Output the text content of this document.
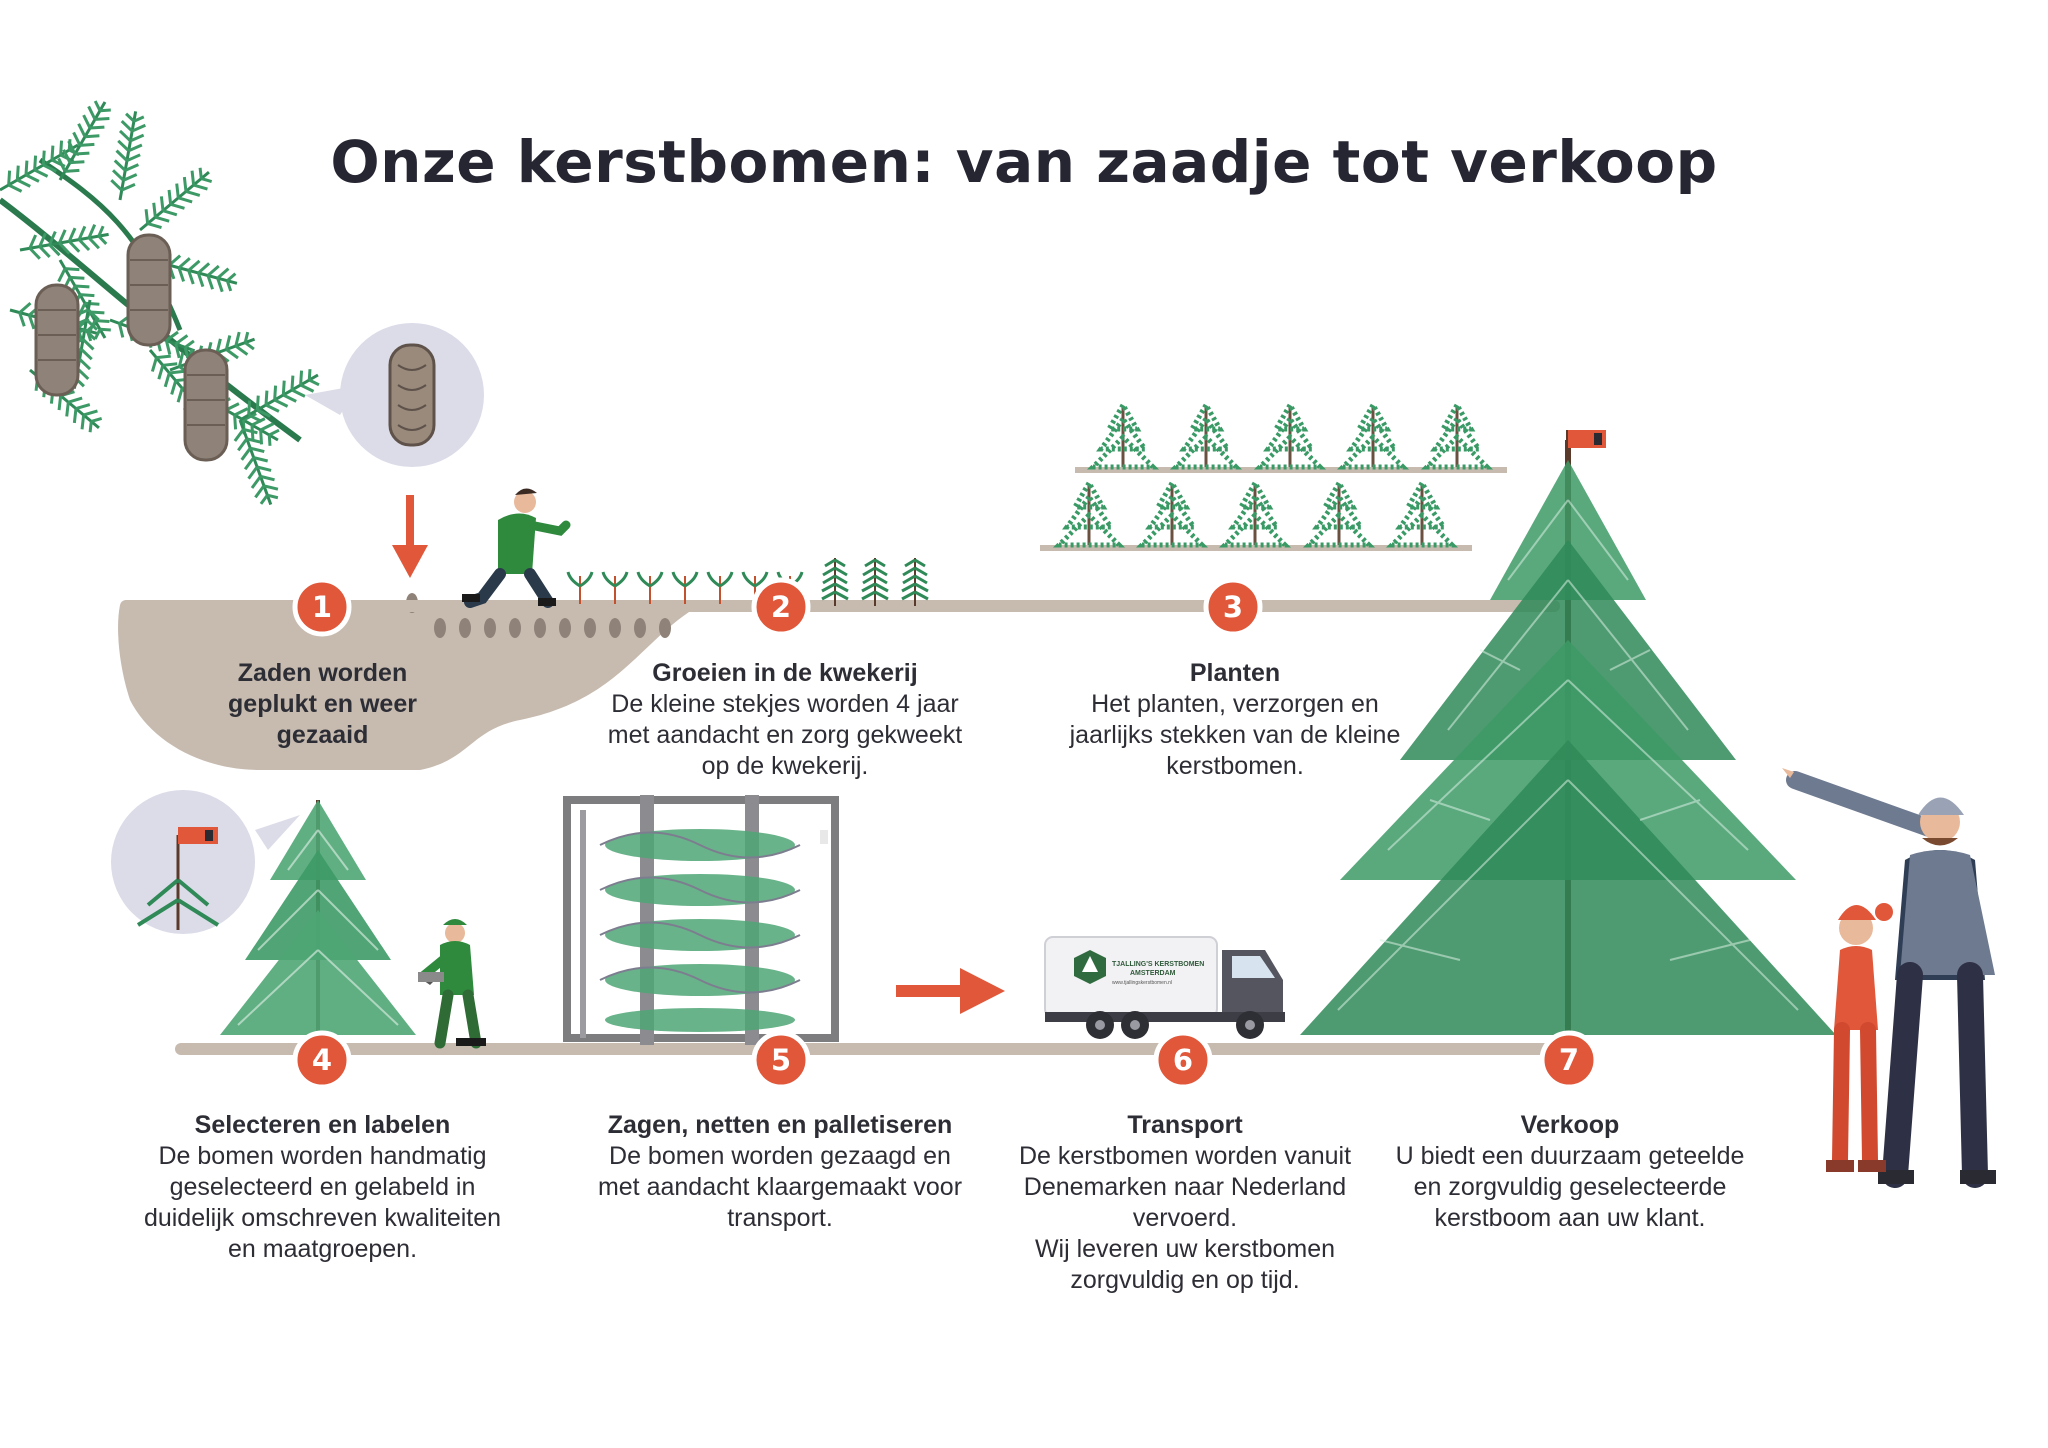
TJALLING'S KERSTBOMEN
AMSTERDAM
www.tjallingskerstbomen.nl
1	2	3
4	5	6	7
Onze kerstbomen: van zaadje tot verkoop
Zaden worden
geplukt en weer
gezaaid
Groeien in de kwekerij
De kleine stekjes worden 4 jaar
met aandacht en zorg gekweekt
op de kwekerij.
Planten
Het planten, verzorgen en
jaarlijks stekken van de kleine
kerstbomen.
Selecteren en labelen
De bomen worden handmatig
geselecteerd en gelabeld in
duidelijk omschreven kwaliteiten
en maatgroepen.
Zagen, netten en palletiseren
De bomen worden gezaagd en
met aandacht klaargemaakt voor
transport.
Transport
De kerstbomen worden vanuit
Denemarken naar Nederland
vervoerd.
Wij leveren uw kerstbomen
zorgvuldig en op tijd.
Verkoop
U biedt een duurzaam geteelde
en zorgvuldig geselecteerde
kerstboom aan uw klant.
